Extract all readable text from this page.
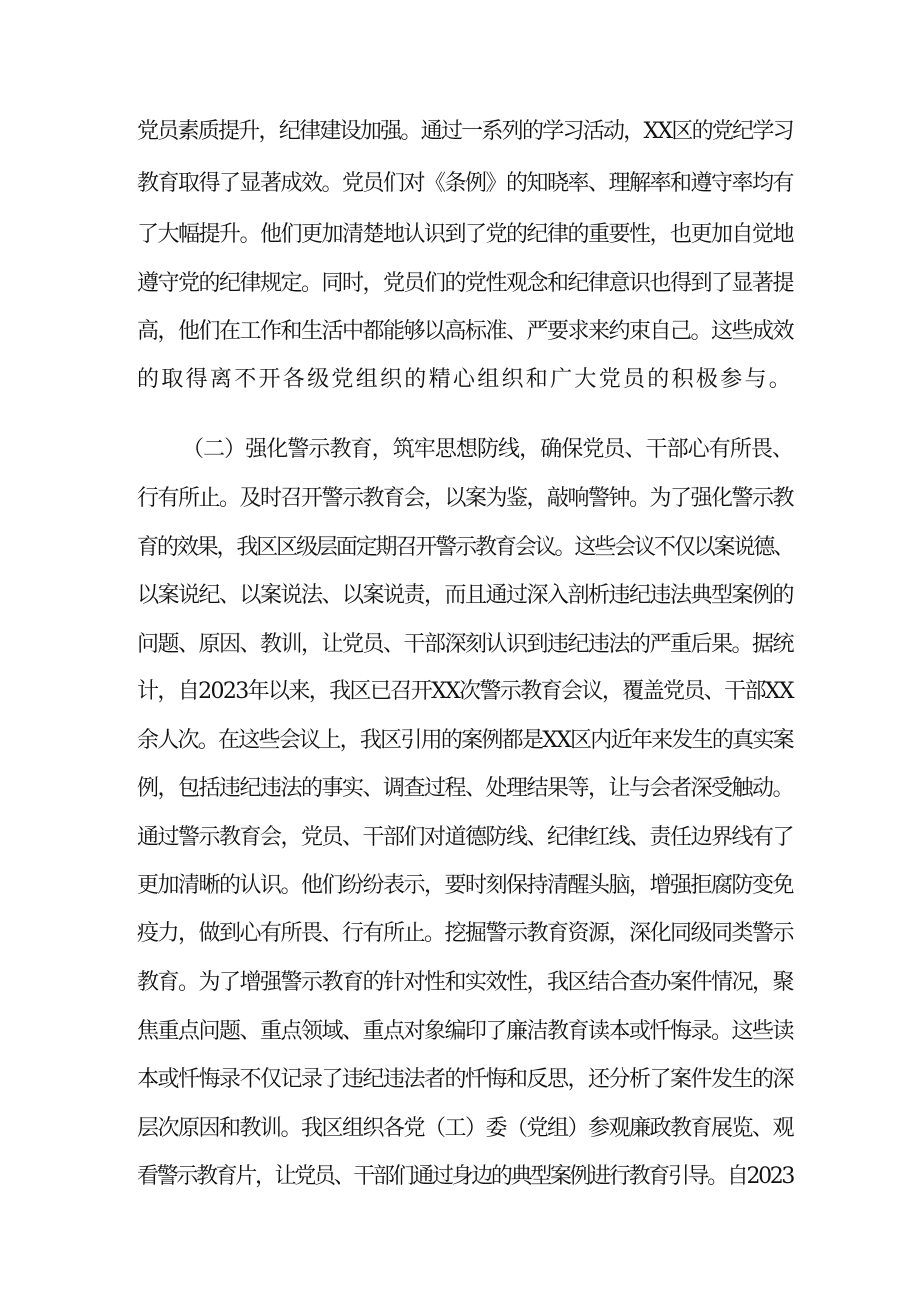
党员素质提升，纪律建设加强。通过一系列的学习活动，XX区的党纪学习
教育取得了显著成效。党员们对《条例》的知晓率、理解率和遵守率均有
了大幅提升。他们更加清楚地认识到了党的纪律的重要性，也更加自觉地
遵守党的纪律规定。同时，党员们的党性观念和纪律意识也得到了显著提
高，他们在工作和生活中都能够以高标准、严要求来约束自己。这些成效
的取得离不开各级党组织的精心组织和广大党员的积极参与。
（二）强化警示教育，筑牢思想防线，确保党员、干部心有所畏、
行有所止。及时召开警示教育会，以案为鉴，敲响警钟。为了强化警示教
育的效果，我区区级层面定期召开警示教育会议。这些会议不仅以案说德、
以案说纪、以案说法、以案说责，而且通过深入剖析违纪违法典型案例的
问题、原因、教训，让党员、干部深刻认识到违纪违法的严重后果。据统
计，自2023年以来，我区已召开XX次警示教育会议，覆盖党员、干部XX
余人次。在这些会议上，我区引用的案例都是XX区内近年来发生的真实案
例，包括违纪违法的事实、调查过程、处理结果等，让与会者深受触动。
通过警示教育会，党员、干部们对道德防线、纪律红线、责任边界线有了
更加清晰的认识。他们纷纷表示，要时刻保持清醒头脑，增强拒腐防变免
疫力，做到心有所畏、行有所止。挖掘警示教育资源，深化同级同类警示
教育。为了增强警示教育的针对性和实效性，我区结合查办案件情况，聚
焦重点问题、重点领域、重点对象编印了廉洁教育读本或忏悔录。这些读
本或忏悔录不仅记录了违纪违法者的忏悔和反思，还分析了案件发生的深
层次原因和教训。我区组织各党（工）委（党组）参观廉政教育展览、观
看警示教育片，让党员、干部们通过身边的典型案例进行教育引导。自2023
